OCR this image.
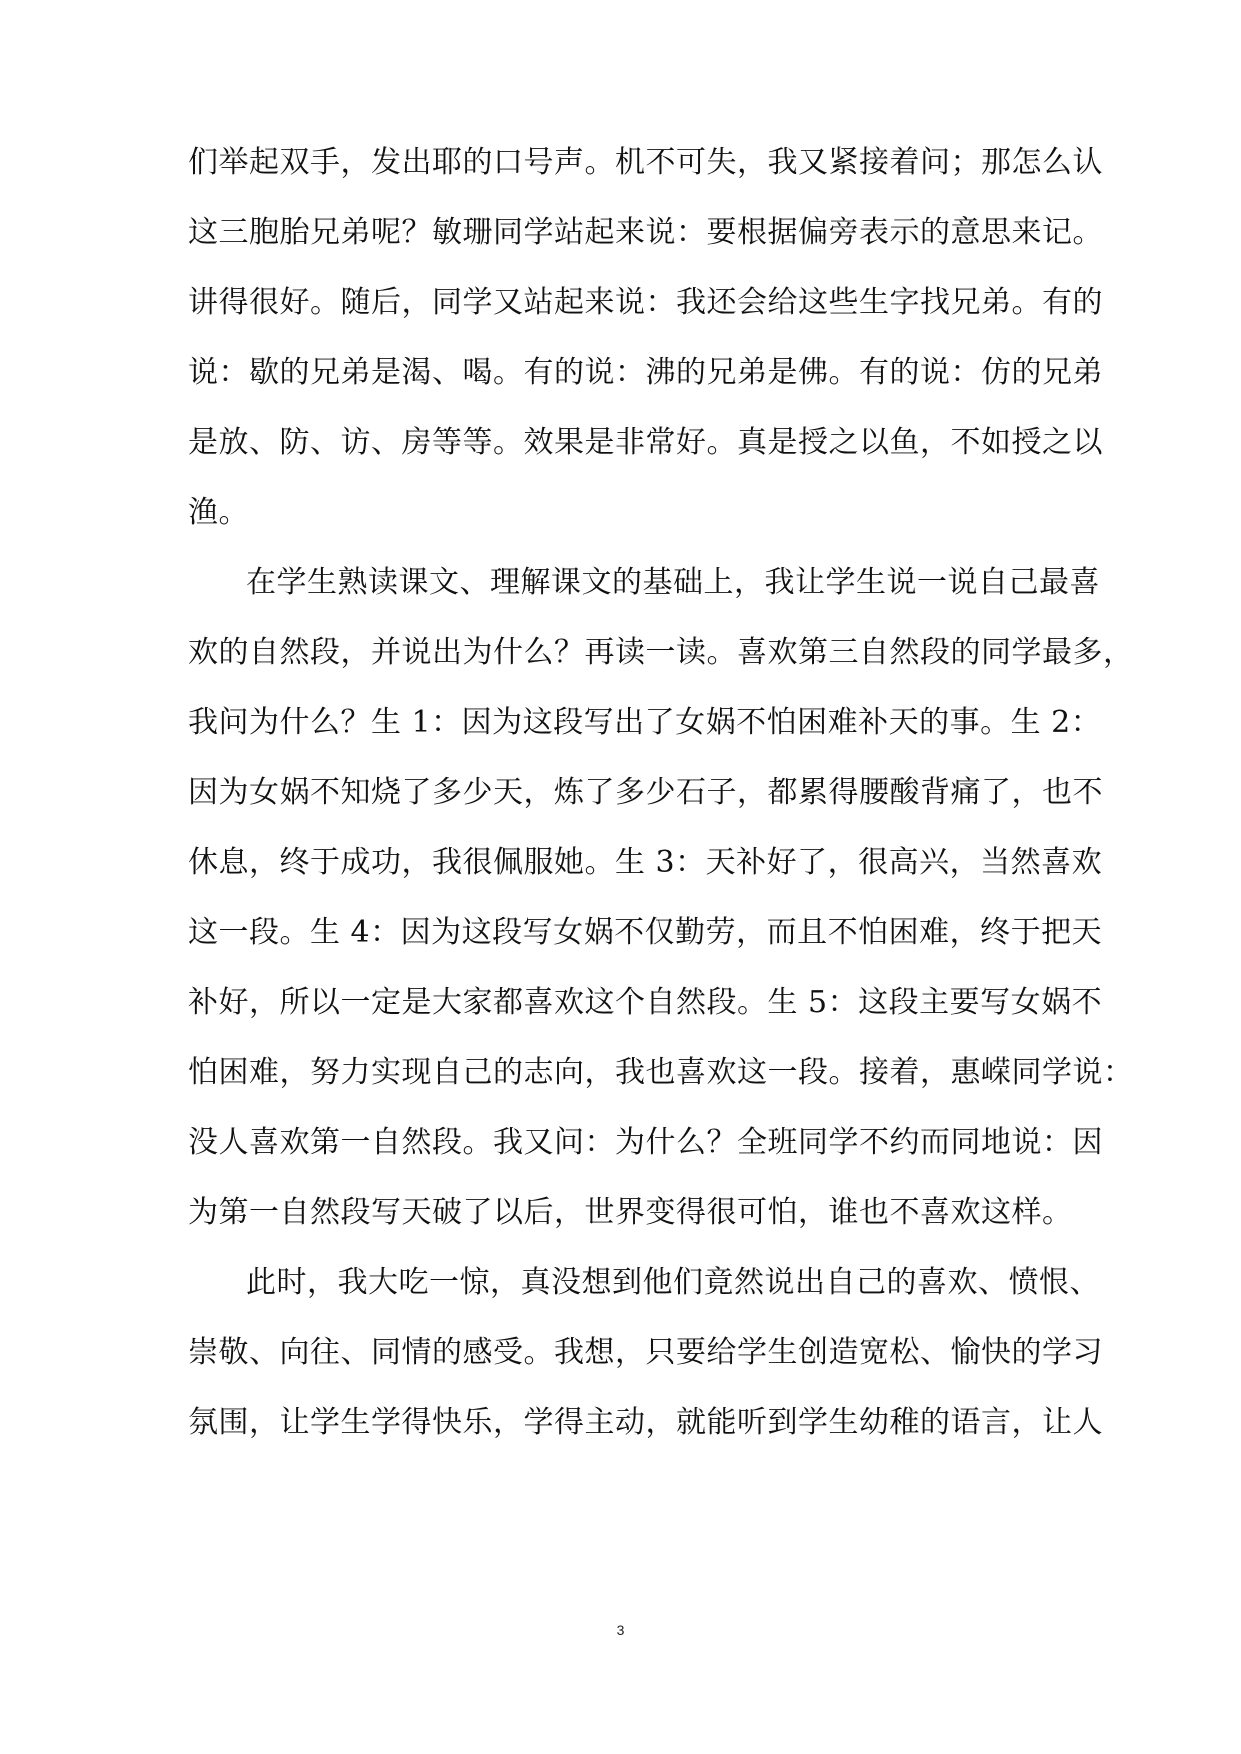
们举起双手，发出耶的口号声。机不可失，我又紧接着问；那怎么认
这三胞胎兄弟呢？敏珊同学站起来说：要根据偏旁表示的意思来记。
讲得很好。随后，同学又站起来说：我还会给这些生字找兄弟。有的
说：歇的兄弟是渴、喝。有的说：沸的兄弟是佛。有的说：仿的兄弟
是放、防、访、房等等。效果是非常好。真是授之以鱼，不如授之以
渔。
在学生熟读课文、理解课文的基础上，我让学生说一说自己最喜
欢的自然段，并说出为什么？再读一读。喜欢第三自然段的同学最多，
我问为什么？生 1：因为这段写出了女娲不怕困难补天的事。生 2：
因为女娲不知烧了多少天，炼了多少石子，都累得腰酸背痛了，也不
休息，终于成功，我很佩服她。生 3：天补好了，很高兴，当然喜欢
这一段。生 4：因为这段写女娲不仅勤劳，而且不怕困难，终于把天
补好，所以一定是大家都喜欢这个自然段。生 5：这段主要写女娲不
怕困难，努力实现自己的志向，我也喜欢这一段。接着，惠嵘同学说：
没人喜欢第一自然段。我又问：为什么？全班同学不约而同地说：因
为第一自然段写天破了以后，世界变得很可怕，谁也不喜欢这样。
此时，我大吃一惊，真没想到他们竟然说出自己的喜欢、愤恨、
崇敬、向往、同情的感受。我想，只要给学生创造宽松、愉快的学习
氛围，让学生学得快乐，学得主动，就能听到学生幼稚的语言，让人
3
